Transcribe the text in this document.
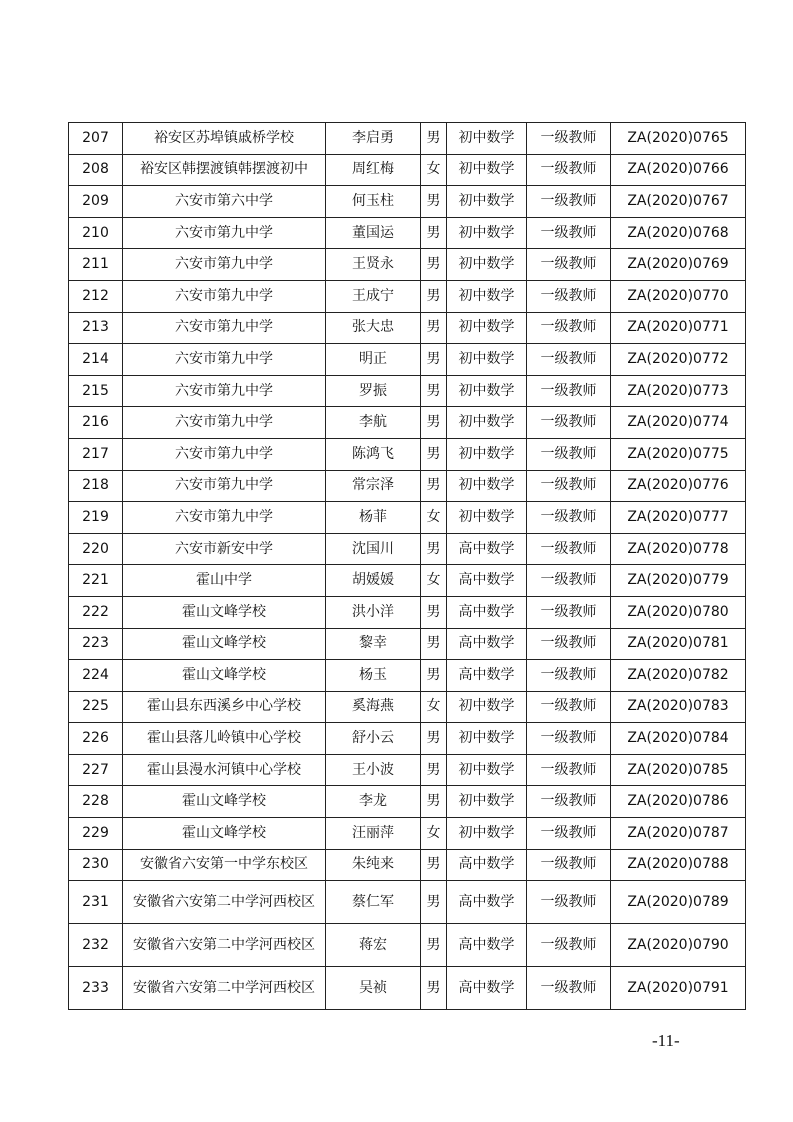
207	裕安区苏埠镇戚桥学校	李启勇	男	初中数学	一级教师	ZA(2020)0765
208	裕安区韩摆渡镇韩摆渡初中	周红梅	女	初中数学	一级教师	ZA(2020)0766
209	六安市第六中学	何玉柱	男	初中数学	一级教师	ZA(2020)0767
210	六安市第九中学	董国运	男	初中数学	一级教师	ZA(2020)0768
211	六安市第九中学	王贤永	男	初中数学	一级教师	ZA(2020)0769
212	六安市第九中学	王成宁	男	初中数学	一级教师	ZA(2020)0770
213	六安市第九中学	张大忠	男	初中数学	一级教师	ZA(2020)0771
214	六安市第九中学	明正	男	初中数学	一级教师	ZA(2020)0772
215	六安市第九中学	罗振	男	初中数学	一级教师	ZA(2020)0773
216	六安市第九中学	李航	男	初中数学	一级教师	ZA(2020)0774
217	六安市第九中学	陈鸿飞	男	初中数学	一级教师	ZA(2020)0775
218	六安市第九中学	常宗泽	男	初中数学	一级教师	ZA(2020)0776
219	六安市第九中学	杨菲	女	初中数学	一级教师	ZA(2020)0777
220	六安市新安中学	沈国川	男	高中数学	一级教师	ZA(2020)0778
221	霍山中学	胡媛媛	女	高中数学	一级教师	ZA(2020)0779
222	霍山文峰学校	洪小洋	男	高中数学	一级教师	ZA(2020)0780
223	霍山文峰学校	黎幸	男	高中数学	一级教师	ZA(2020)0781
224	霍山文峰学校	杨玉	男	高中数学	一级教师	ZA(2020)0782
225	霍山县东西溪乡中心学校	奚海燕	女	初中数学	一级教师	ZA(2020)0783
226	霍山县落儿岭镇中心学校	舒小云	男	初中数学	一级教师	ZA(2020)0784
227	霍山县漫水河镇中心学校	王小波	男	初中数学	一级教师	ZA(2020)0785
228	霍山文峰学校	李龙	男	初中数学	一级教师	ZA(2020)0786
229	霍山文峰学校	汪丽萍	女	初中数学	一级教师	ZA(2020)0787
230	安徽省六安第一中学东校区	朱纯来	男	高中数学	一级教师	ZA(2020)0788
231	安徽省六安第二中学河西校区	蔡仁军	男	高中数学	一级教师	ZA(2020)0789
232	安徽省六安第二中学河西校区	蒋宏	男	高中数学	一级教师	ZA(2020)0790
233	安徽省六安第二中学河西校区	吴祯	男	高中数学	一级教师	ZA(2020)0791
-11-
